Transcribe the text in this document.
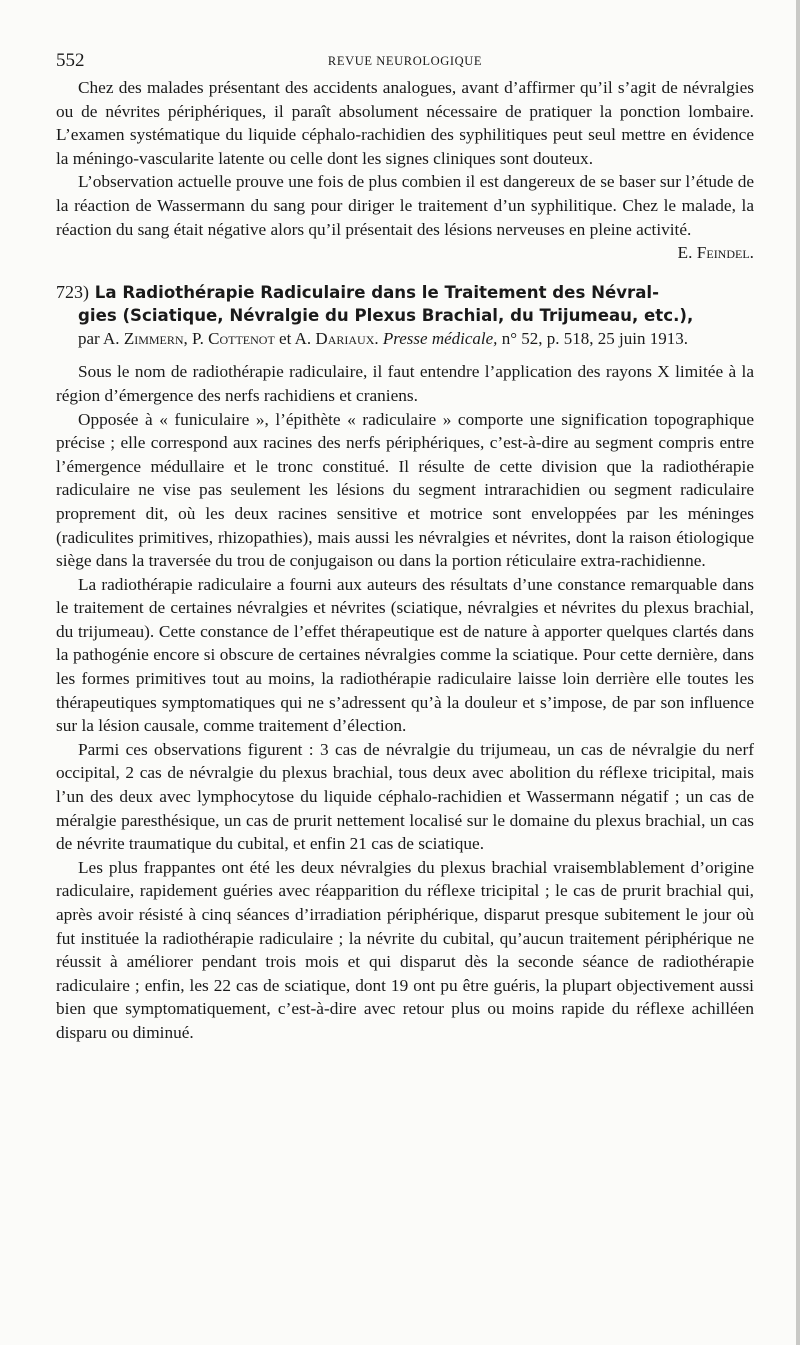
552	REVUE NEUROLOGIQUE

Chez des malades présentant des accidents analogues, avant d’affirmer qu’il s’agit de névralgies ou de névrites périphériques, il paraît absolument nécessaire de pratiquer la ponction lombaire. L’examen systématique du liquide céphalo-rachidien des syphilitiques peut seul mettre en évidence la méningo-vascularite latente ou celle dont les signes cliniques sont douteux.

L’observation actuelle prouve une fois de plus combien il est dangereux de se baser sur l’étude de la réaction de Wassermann du sang pour diriger le traitement d’un syphilitique. Chez le malade, la réaction du sang était négative alors qu’il présentait des lésions nerveuses en pleine activité.
E. Feindel.

723) La Radiothérapie Radiculaire dans le Traitement des Névral-
gies (Sciatique, Névralgie du Plexus Brachial, du Trijumeau, etc.),
par A. Zimmern, P. Cottenot et A. Dariaux. Presse médicale, n° 52, p. 518, 25 juin 1913.

Sous le nom de radiothérapie radiculaire, il faut entendre l’application des rayons X limitée à la région d’émergence des nerfs rachidiens et craniens.

Opposée à « funiculaire », l’épithète « radiculaire » comporte une signification topographique précise ; elle correspond aux racines des nerfs périphériques, c’est-à-dire au segment compris entre l’émergence médullaire et le tronc constitué. Il résulte de cette division que la radiothérapie radiculaire ne vise pas seulement les lésions du segment intrarachidien ou segment radiculaire proprement dit, où les deux racines sensitive et motrice sont enveloppées par les méninges (radiculites primitives, rhizopathies), mais aussi les névralgies et névrites, dont la raison étiologique siège dans la traversée du trou de conjugaison ou dans la portion réticulaire extra-rachidienne.

La radiothérapie radiculaire a fourni aux auteurs des résultats d’une constance remarquable dans le traitement de certaines névralgies et névrites (sciatique, névralgies et névrites du plexus brachial, du trijumeau). Cette constance de l’effet thérapeutique est de nature à apporter quelques clartés dans la pathogénie encore si obscure de certaines névralgies comme la sciatique. Pour cette dernière, dans les formes primitives tout au moins, la radiothérapie radiculaire laisse loin derrière elle toutes les thérapeutiques symptomatiques qui ne s’adressent qu’à la douleur et s’impose, de par son influence sur la lésion causale, comme traitement d’élection.

Parmi ces observations figurent : 3 cas de névralgie du trijumeau, un cas de névralgie du nerf occipital, 2 cas de névralgie du plexus brachial, tous deux avec abolition du réflexe tricipital, mais l’un des deux avec lymphocytose du liquide céphalo-rachidien et Wassermann négatif ; un cas de méralgie paresthésique, un cas de prurit nettement localisé sur le domaine du plexus brachial, un cas de névrite traumatique du cubital, et enfin 21 cas de sciatique.

Les plus frappantes ont été les deux névralgies du plexus brachial vraisemblablement d’origine radiculaire, rapidement guéries avec réapparition du réflexe tricipital ; le cas de prurit brachial qui, après avoir résisté à cinq séances d’irradiation périphérique, disparut presque subitement le jour où fut instituée la radiothérapie radiculaire ; la névrite du cubital, qu’aucun traitement périphérique ne réussit à améliorer pendant trois mois et qui disparut dès la seconde séance de radiothérapie radiculaire ; enfin, les 22 cas de sciatique, dont 19 ont pu être guéris, la plupart objectivement aussi bien que symptomatiquement, c’est-à-dire avec retour plus ou moins rapide du réflexe achilléen disparu ou diminué.
